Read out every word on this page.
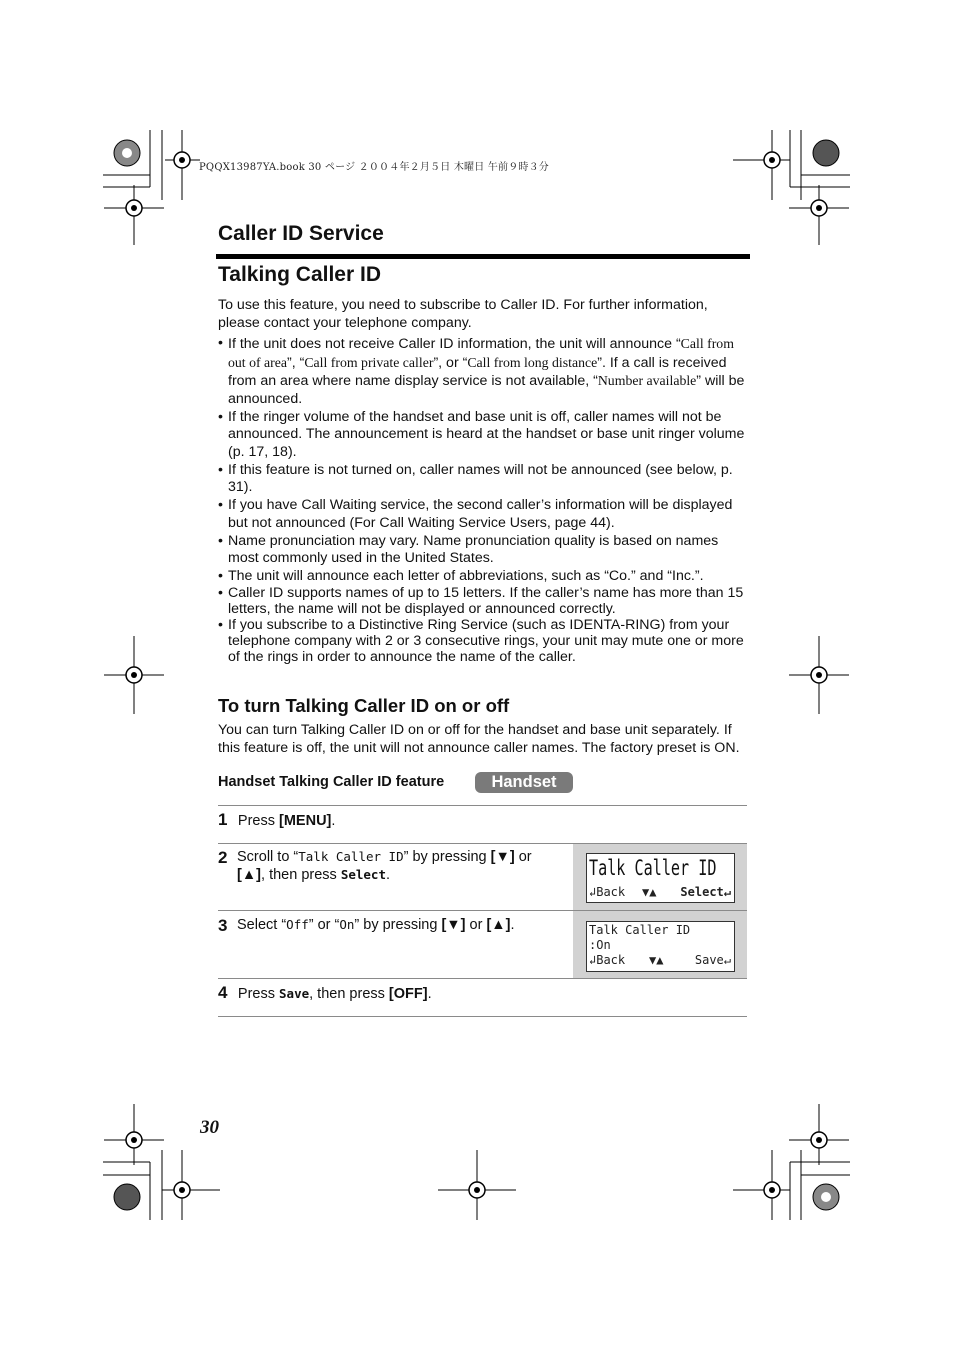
PQQX13987YA.book 30 ページ ２００４年２月５日 木曜日 午前９時３分
Caller ID Service
Talking Caller ID

To use this feature, you need to subscribe to Caller ID. For further information, please contact your telephone company.

• If the unit does not receive Caller ID information, the unit will announce “Call from out of area”, “Call from private caller”, or “Call from long distance”. If a call is received from an area where name display service is not available, “Number available” will be announced.
• If the ringer volume of the handset and base unit is off, caller names will not be announced. The announcement is heard at the handset or base unit ringer volume (p. 17, 18).
• If this feature is not turned on, caller names will not be announced (see below, p. 31).
• If you have Call Waiting service, the second caller’s information will be displayed but not announced (For Call Waiting Service Users, page 44).
• Name pronunciation may vary. Name pronunciation quality is based on names most commonly used in the United States.
• The unit will announce each letter of abbreviations, such as “Co.” and “Inc.”.
• Caller ID supports names of up to 15 letters. If the caller’s name has more than 15 letters, the name will not be displayed or announced correctly.
• If you subscribe to a Distinctive Ring Service (such as IDENTA-RING) from your telephone company with 2 or 3 consecutive rings, your unit may mute one or more of the rings in order to announce the name of the caller.
To turn Talking Caller ID on or off

You can turn Talking Caller ID on or off for the handset and base unit separately. If this feature is off, the unit will not announce caller names. The factory preset is ON.

Handset Talking Caller ID feature	Handset
1 Press [MENU].
2 Scroll to “Talk Caller ID” by pressing [▼] or [▲], then press Select.	Talk Caller ID
↲Back ▼▲ Select↵
3 Select “Off” or “On” by pressing [▼] or [▲].	Talk Caller ID
:On
↲Back ▼▲	Save↵
4 Press Save, then press [OFF].
30
